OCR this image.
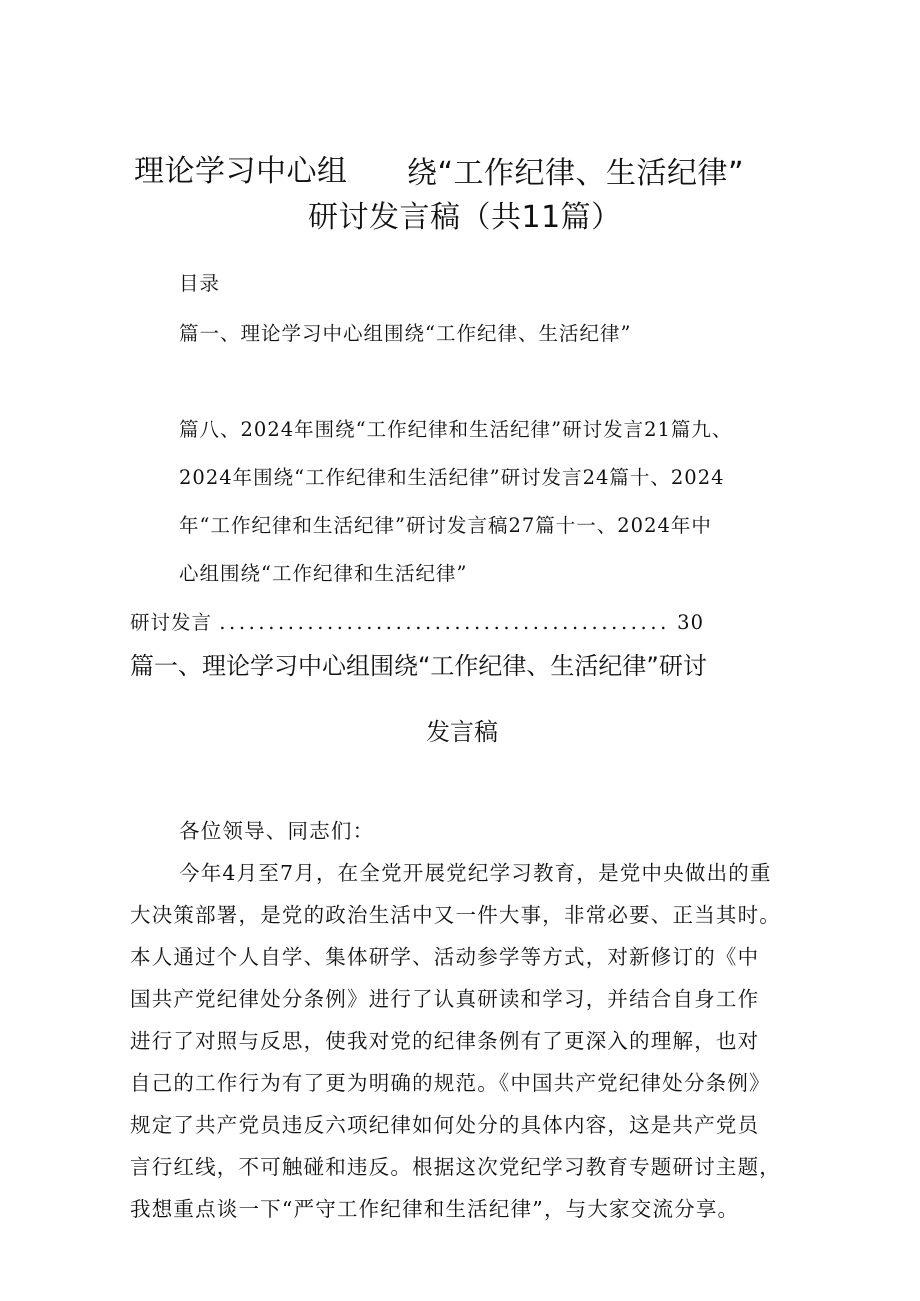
理论学习中心组 绕“工作纪律、生活纪律”
研讨发言稿（共11篇）
目录
篇一、理论学习中心组围绕“工作纪律、生活纪律”
篇八、2024年围绕“工作纪律和生活纪律”研讨发言21篇九、
2024年围绕“工作纪律和生活纪律”研讨发言24篇十、2024
年“工作纪律和生活纪律”研讨发言稿27篇十一、2024年中
心组围绕“工作纪律和生活纪律”
研讨发言 .............................................. 30
篇一、理论学习中心组围绕“工作纪律、生活纪律”研讨
发言稿
各位领导、同志们：
今年4月至7月，在全党开展党纪学习教育，是党中央做出的重
大决策部署，是党的政治生活中又一件大事，非常必要、正当其时。
本人通过个人自学、集体研学、活动参学等方式，对新修订的《中
国共产党纪律处分条例》进行了认真研读和学习，并结合自身工作
进行了对照与反思，使我对党的纪律条例有了更深入的理解，也对
自己的工作行为有了更为明确的规范。《中国共产党纪律处分条例》
规定了共产党员违反六项纪律如何处分的具体内容，这是共产党员
言行红线，不可触碰和违反。根据这次党纪学习教育专题研讨主题，
我想重点谈一下“严守工作纪律和生活纪律”，与大家交流分享。
